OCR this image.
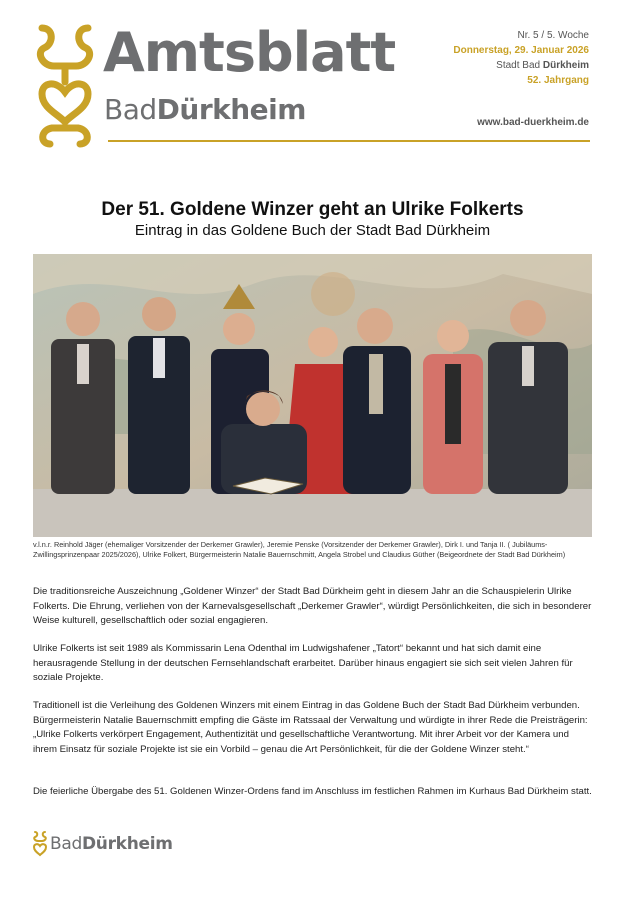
Amtsblatt
BadDürkheim
Nr. 5 / 5. Woche
Donnerstag, 29. Januar 2026
Stadt Bad Dürkheim
52. Jahrgang
www.bad-duerkheim.de
Der 51. Goldene Winzer geht an Ulrike Folkerts
Eintrag in das Goldene Buch der Stadt Bad Dürkheim
v.l.n.r. Reinhold Jäger (ehemaliger Vorsitzender der Derkemer Grawler), Jeremie Penske (Vorsitzender der Derkemer Grawler), Dirk I. und Tanja II. ( Jubiläums-Zwillingsprinzenpaar 2025/2026), Ulrike Folkert, Bürgermeisterin Natalie Bauernschmitt, Angela Strobel und Claudius Güther (Beigeordnete der Stadt Bad Dürkheim)

Die traditionsreiche Auszeichnung „Goldener Winzer“ der Stadt Bad Dürkheim geht in diesem Jahr an die Schauspielerin Ulrike Folkerts. Die Ehrung, verliehen von der Karnevalsgesellschaft „Derkemer Grawler“, würdigt Persönlichkeiten, die sich in besonderer Weise kulturell, gesellschaftlich oder sozial engagieren.

Ulrike Folkerts ist seit 1989 als Kommissarin Lena Odenthal im Ludwigshafener „Tatort“ bekannt und hat sich damit eine herausragende Stellung in der deutschen Fernsehlandschaft erarbeitet. Darüber hinaus engagiert sie sich seit vielen Jahren für soziale Projekte.

Traditionell ist die Verleihung des Goldenen Winzers mit einem Eintrag in das Goldene Buch der Stadt Bad Dürkheim verbunden. Bürgermeisterin Natalie Bauernschmitt empfing die Gäste im Ratssaal der Verwaltung und würdigte in ihrer Rede die Preisträgerin: „Ulrike Folkerts verkörpert Engagement, Authentizität und gesellschaftliche Verantwortung. Mit ihrer Arbeit vor der Kamera und ihrem Einsatz für soziale Projekte ist sie ein Vorbild – genau die Art Persönlichkeit, für die der Goldene Winzer steht.“

Die feierliche Übergabe des 51. Goldenen Winzer-Ordens fand im Anschluss im festlichen Rahmen im Kurhaus Bad Dürkheim statt.

BadDürkheim
